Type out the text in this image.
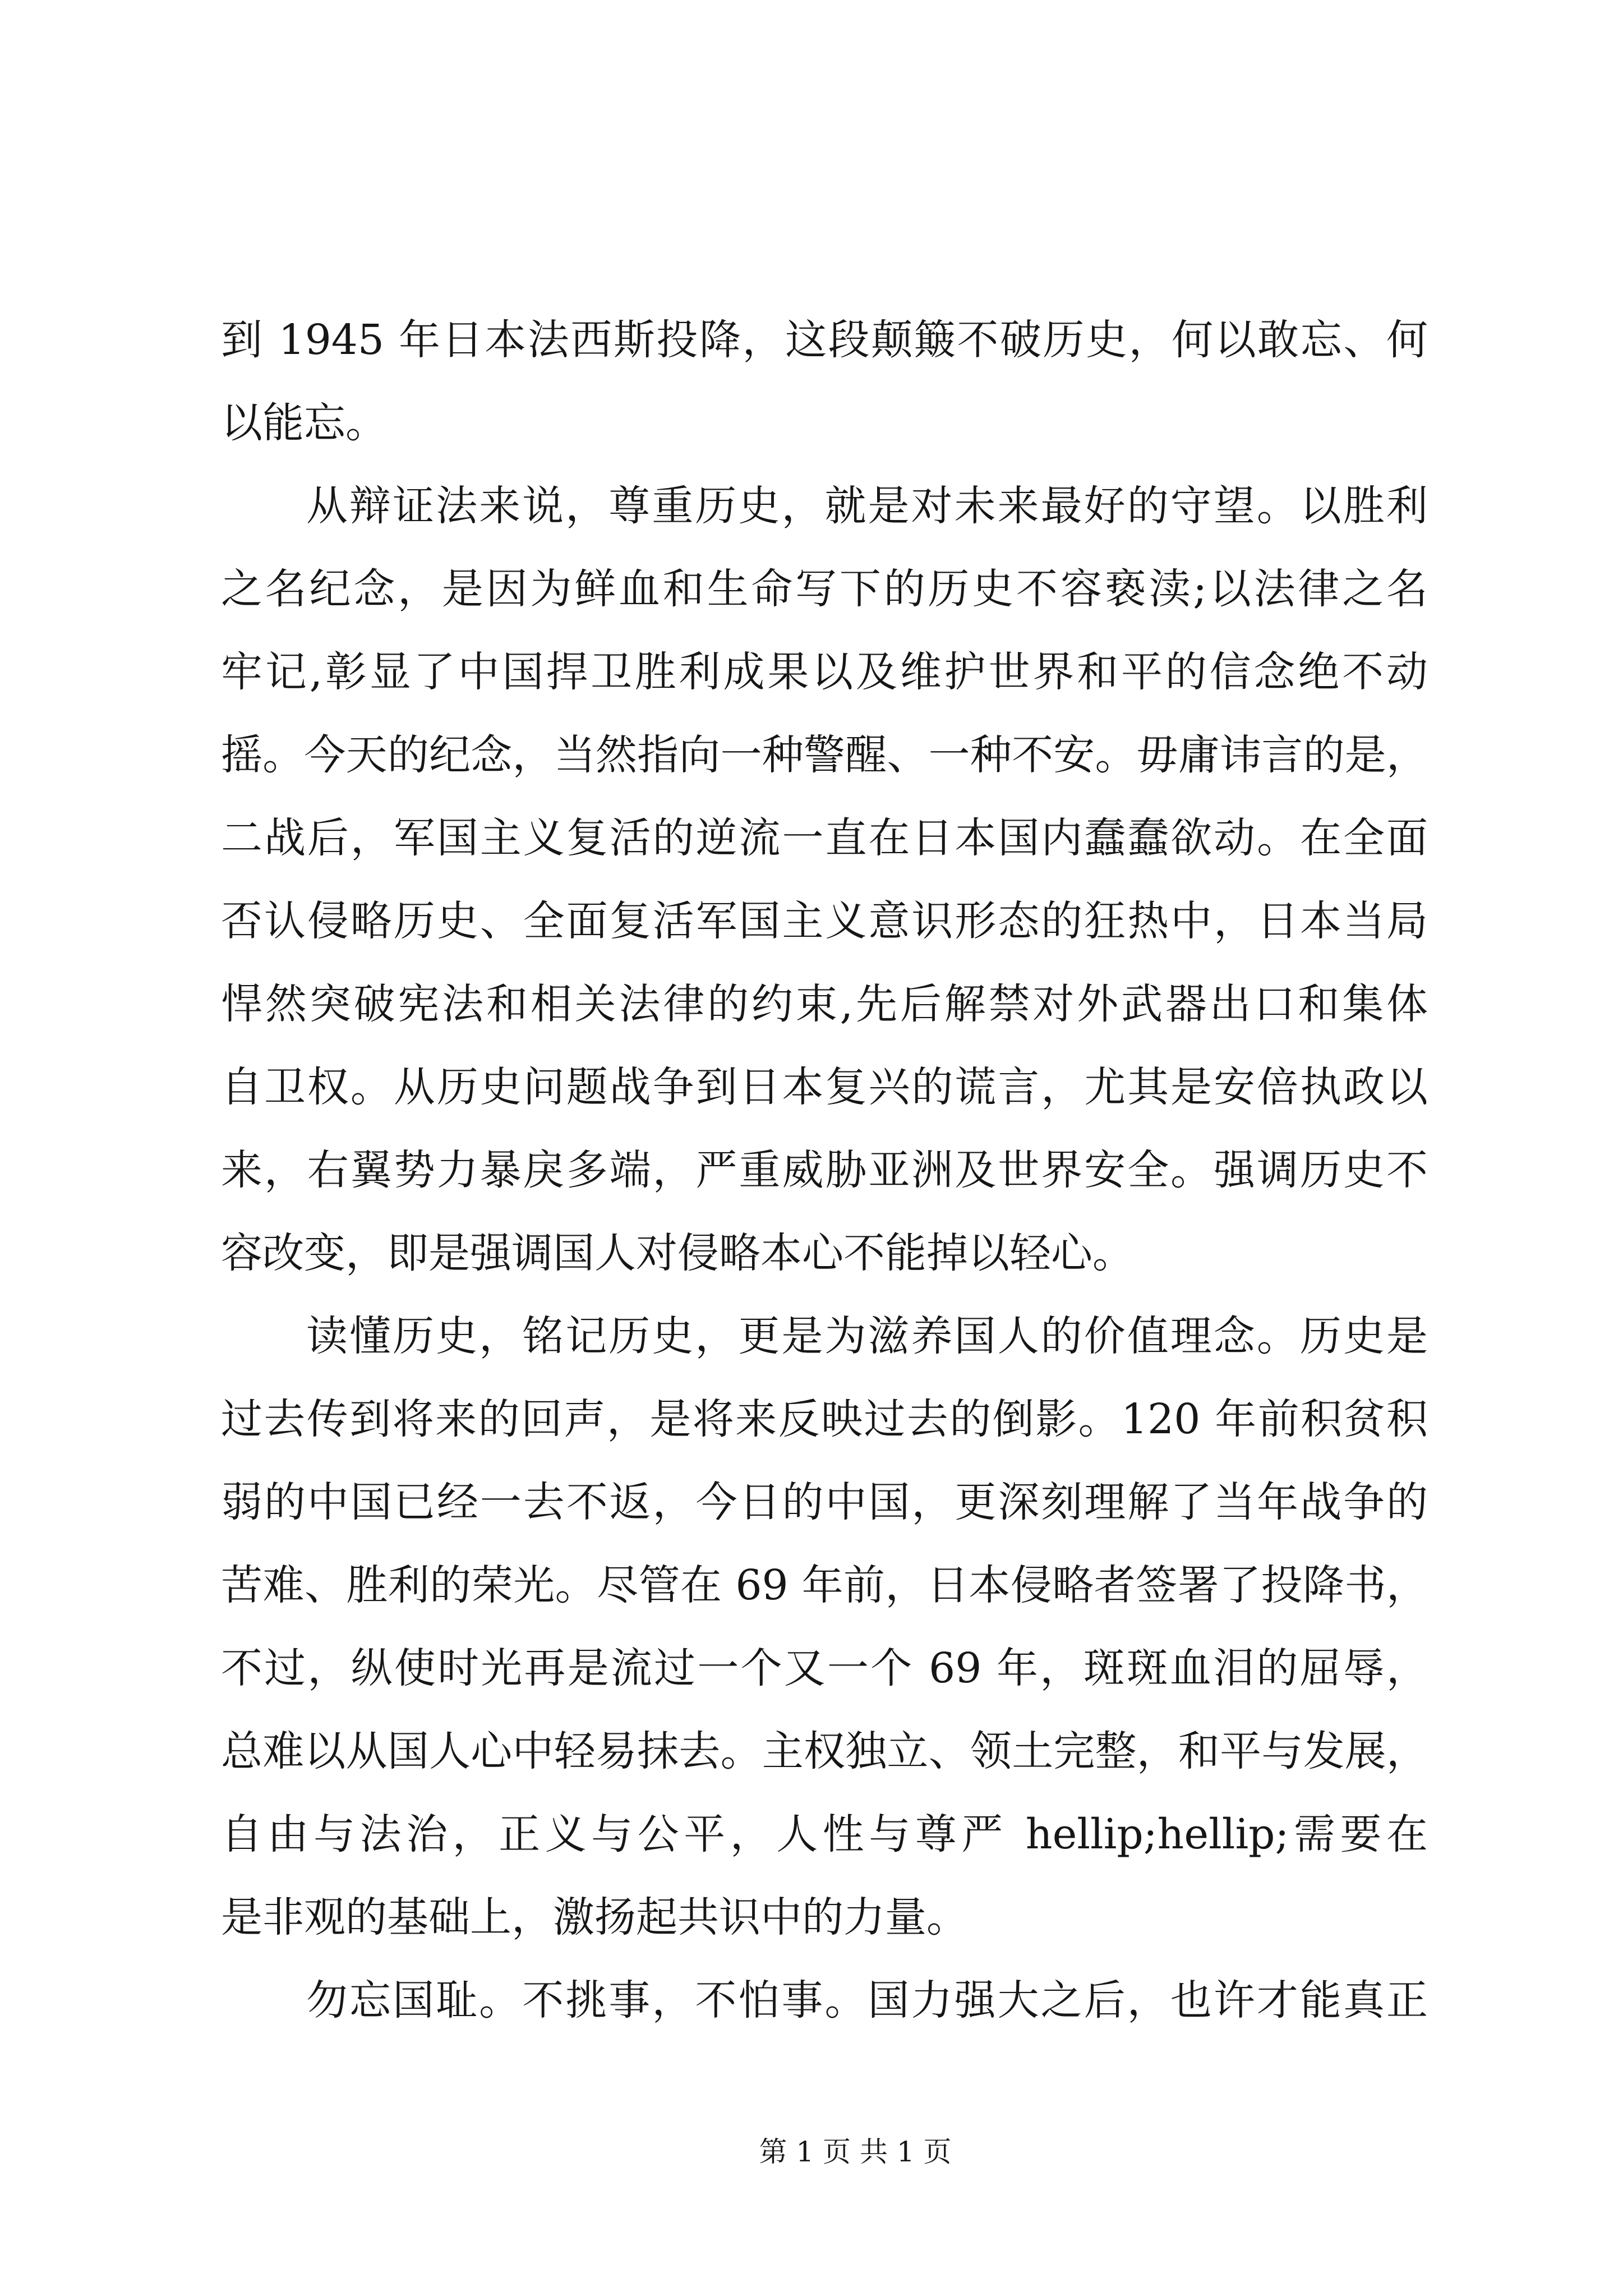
到 1945 年日本法西斯投降，这段颠簸不破历史，何以敢忘、何
以能忘。
从辩证法来说，尊重历史，就是对未来最好的守望。以胜利
之名纪念，是因为鲜血和生命写下的历史不容亵渎;以法律之名
牢记,彰显了中国捍卫胜利成果以及维护世界和平的信念绝不动
摇。今天的纪念，当然指向一种警醒、一种不安。毋庸讳言的是，
二战后，军国主义复活的逆流一直在日本国内蠢蠢欲动。在全面
否认侵略历史、全面复活军国主义意识形态的狂热中，日本当局
悍然突破宪法和相关法律的约束,先后解禁对外武器出口和集体
自卫权。从历史问题战争到日本复兴的谎言，尤其是安倍执政以
来，右翼势力暴戾多端，严重威胁亚洲及世界安全。强调历史不
容改变，即是强调国人对侵略本心不能掉以轻心。
读懂历史，铭记历史，更是为滋养国人的价值理念。历史是
过去传到将来的回声，是将来反映过去的倒影。120 年前积贫积
弱的中国已经一去不返，今日的中国，更深刻理解了当年战争的
苦难、胜利的荣光。尽管在 69 年前，日本侵略者签署了投降书，
不过，纵使时光再是流过一个又一个 69 年，斑斑血泪的屈辱，
总难以从国人心中轻易抹去。主权独立、领土完整，和平与发展，
自由与法治，正义与公平，人性与尊严 hellip;hellip;需要在
是非观的基础上，激扬起共识中的力量。
勿忘国耻。不挑事，不怕事。国力强大之后，也许才能真正
第 1 页 共 1 页
